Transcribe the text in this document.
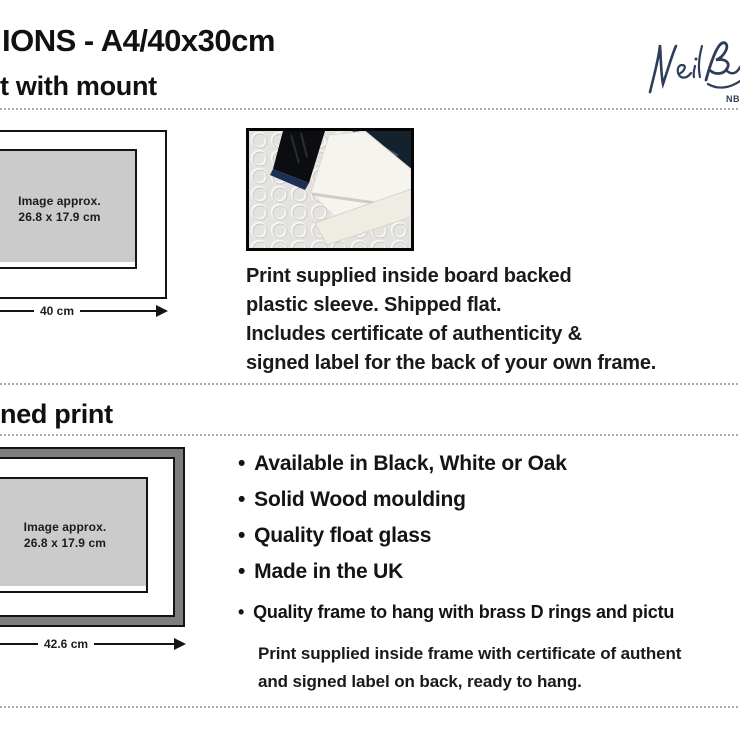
IONS - A4/40x30cm
NB
t with mount
Image approx.
26.8 x 17.9 cm
40 cm
Print supplied inside board backed
plastic sleeve. Shipped flat.
Includes certificate of authenticity &
signed label for the back of your own frame.
ned print
Image approx.
26.8 x 17.9 cm
42.6 cm
• Available in Black, White or Oak
• Solid Wood moulding
• Quality float glass
• Made in the UK
• Quality frame to hang with brass D rings and pictu
Print supplied inside frame with certificate of authent
and signed label on back, ready to hang.
